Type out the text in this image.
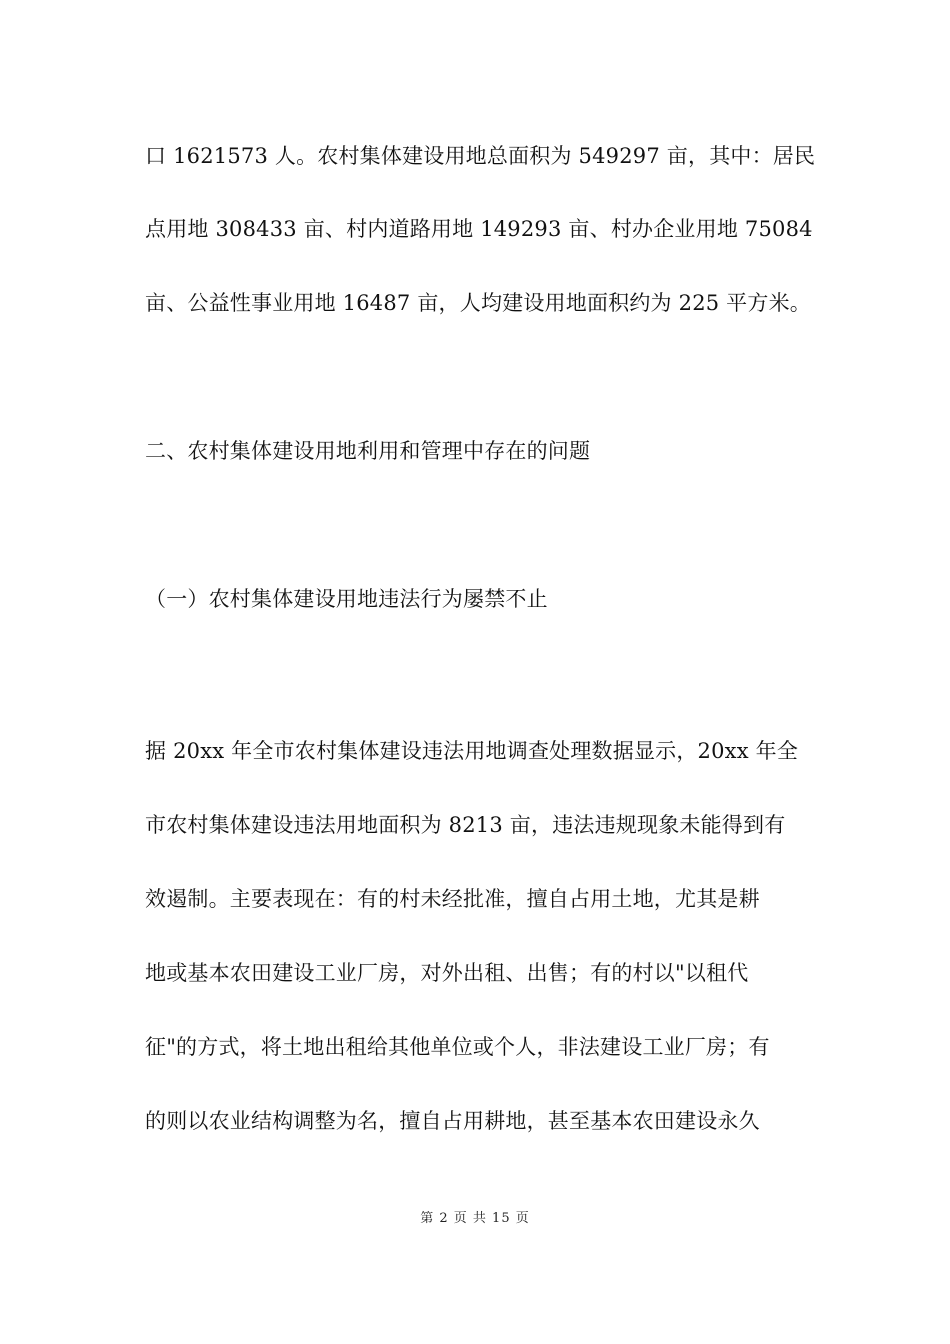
口 1621573 人。农村集体建设用地总面积为 549297 亩，其中：居民
点用地 308433 亩、村内道路用地 149293 亩、村办企业用地 75084
亩、公益性事业用地 16487 亩，人均建设用地面积约为 225 平方米。
二、农村集体建设用地利用和管理中存在的问题
（一）农村集体建设用地违法行为屡禁不止
据 20xx 年全市农村集体建设违法用地调查处理数据显示，20xx 年全
市农村集体建设违法用地面积为 8213 亩，违法违规现象未能得到有
效遏制。主要表现在：有的村未经批准，擅自占用土地，尤其是耕
地或基本农田建设工业厂房，对外出租、出售；有的村以"以租代
征"的方式，将土地出租给其他单位或个人，非法建设工业厂房；有
的则以农业结构调整为名，擅自占用耕地，甚至基本农田建设永久
第 2 页 共 15 页
